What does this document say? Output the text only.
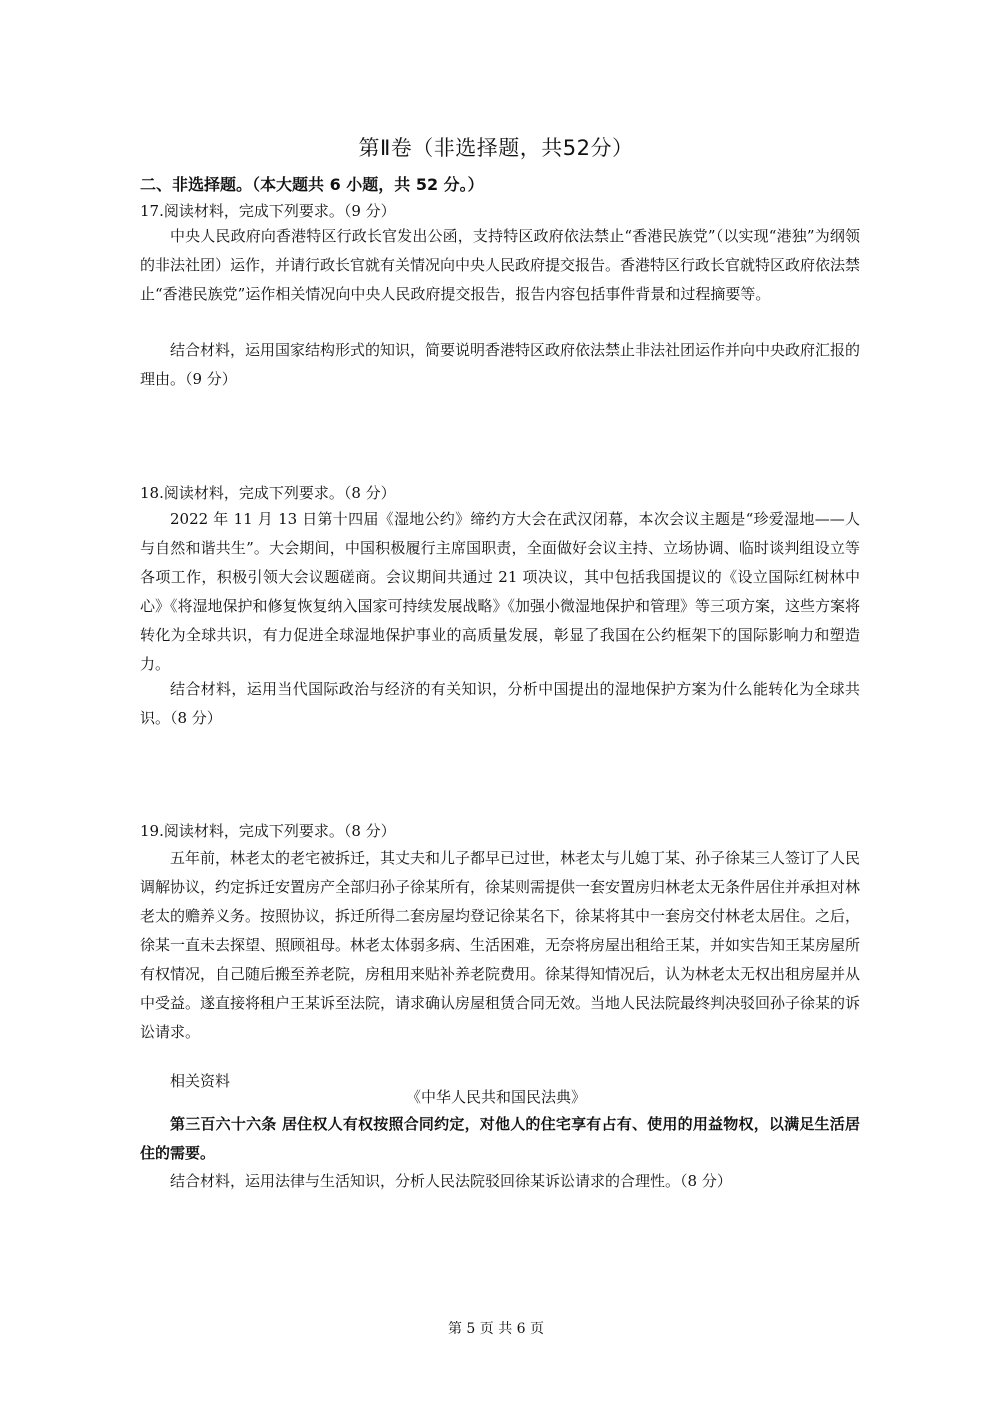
第Ⅱ卷（非选择题，共52分）
二、非选择题。（本大题共 6 小题，共 52 分。）
17.阅读材料，完成下列要求。（9 分）

中央人民政府向香港特区行政长官发出公函，支持特区政府依法禁止“香港民族党”（以实现“港独”为纲领的非法社团）运作，并请行政长官就有关情况向中央人民政府提交报告。香港特区行政长官就特区政府依法禁止“香港民族党”运作相关情况向中央人民政府提交报告，报告内容包括事件背景和过程摘要等。

结合材料，运用国家结构形式的知识，简要说明香港特区政府依法禁止非法社团运作并向中央政府汇报的理由。（9 分）

18.阅读材料，完成下列要求。（8 分）

2022 年 11 月 13 日第十四届《湿地公约》缔约方大会在武汉闭幕，本次会议主题是“珍爱湿地——人与自然和谐共生”。大会期间，中国积极履行主席国职责，全面做好会议主持、立场协调、临时谈判组设立等各项工作，积极引领大会议题磋商。会议期间共通过 21 项决议，其中包括我国提议的《设立国际红树林中心》《将湿地保护和修复恢复纳入国家可持续发展战略》《加强小微湿地保护和管理》等三项方案，这些方案将转化为全球共识，有力促进全球湿地保护事业的高质量发展，彰显了我国在公约框架下的国际影响力和塑造力。

结合材料，运用当代国际政治与经济的有关知识，分析中国提出的湿地保护方案为什么能转化为全球共识。（8 分）

19.阅读材料，完成下列要求。（8 分）

五年前，林老太的老宅被拆迁，其丈夫和儿子都早已过世，林老太与儿媳丁某、孙子徐某三人签订了人民调解协议，约定拆迁安置房产全部归孙子徐某所有，徐某则需提供一套安置房归林老太无条件居住并承担对林老太的赡养义务。按照协议，拆迁所得二套房屋均登记徐某名下，徐某将其中一套房交付林老太居住。之后，徐某一直未去探望、照顾祖母。林老太体弱多病、生活困难，无奈将房屋出租给王某，并如实告知王某房屋所有权情况，自己随后搬至养老院，房租用来贴补养老院费用。徐某得知情况后，认为林老太无权出租房屋并从中受益。遂直接将租户王某诉至法院，请求确认房屋租赁合同无效。当地人民法院最终判决驳回孙子徐某的诉讼请求。

相关资料
《中华人民共和国民法典》

第三百六十六条 居住权人有权按照合同约定，对他人的住宅享有占有、使用的用益物权，以满足生活居住的需要。

结合材料，运用法律与生活知识，分析人民法院驳回徐某诉讼请求的合理性。（8 分）

第 5 页 共 6 页
